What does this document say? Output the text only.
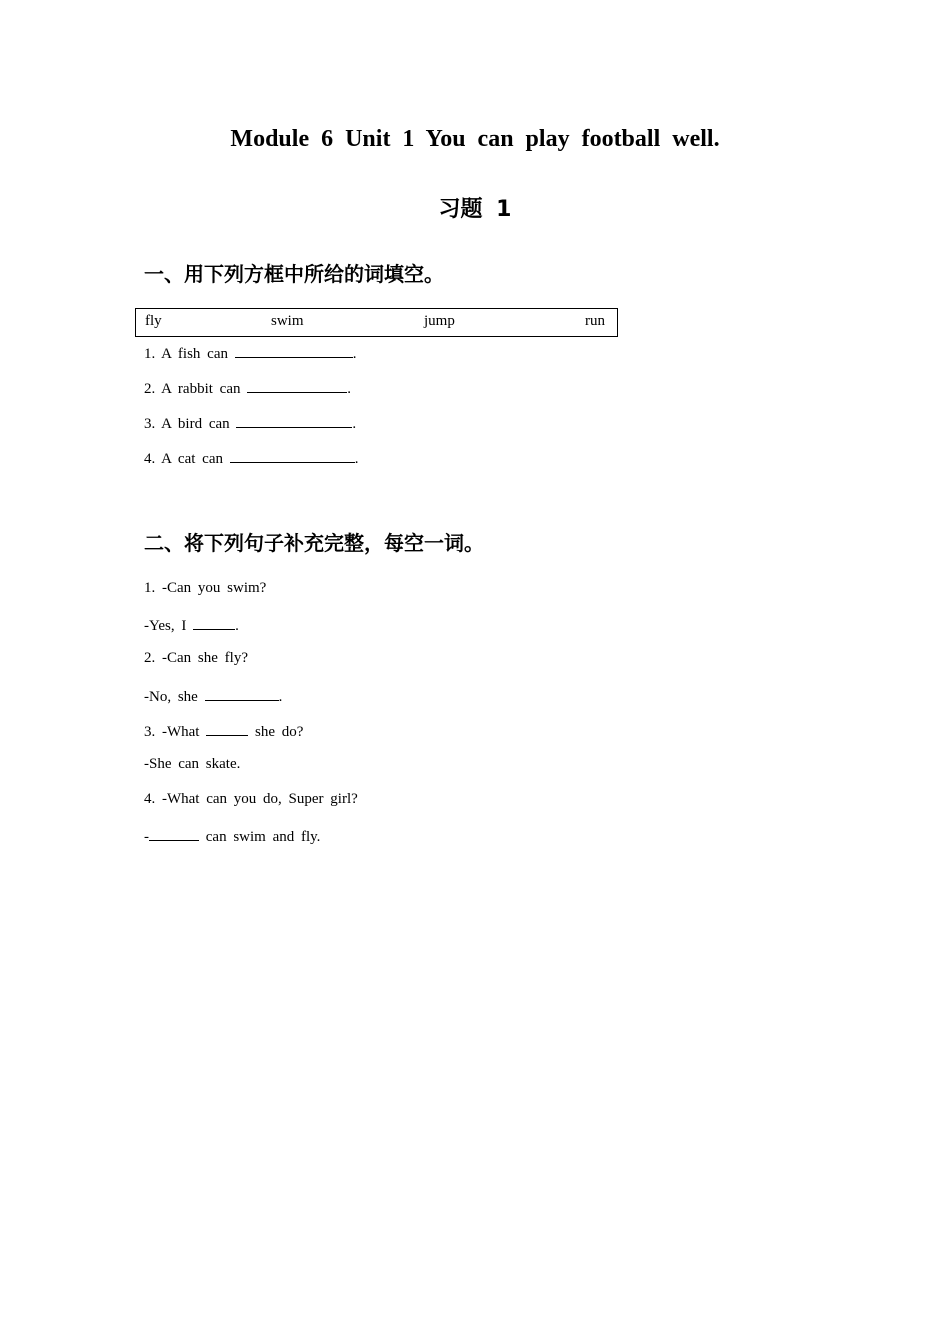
Module 6 Unit 1 You can play football well.
习题 1
一、用下列方框中所给的词填空。
fly	swim	jump	run
1. A fish can	.
2. A rabbit can	.
3. A bird can	.
4. A cat can	.
二、将下列句子补充完整，每空一词。
1. -Can you swim?
-Yes, I	.
2. -Can she fly?
-No, she	.
3. -What	she do?
-She can skate.
4. -What can you do, Super girl?
-	can swim and fly.
